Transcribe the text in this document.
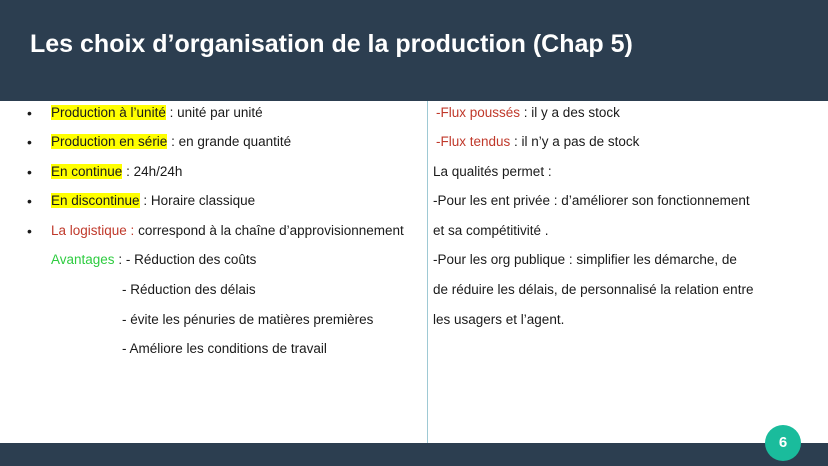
Les choix d’organisation de la production (Chap 5)
• Production à l’unité : unité par unité
• Production en série : en grande quantité
• En continue : 24h/24h
• En discontinue : Horaire classique
• La logistique : correspond à la chaîne d’approvisionnement
Avantages : - Réduction des coûts
- Réduction des délais
- évite les pénuries de matières premières
- Améliore les conditions de travail
-Flux poussés : il y a des stock
-Flux tendus : il n’y a pas de stock
La qualités permet :
-Pour les ent privée : d’améliorer son fonctionnement
et sa compétitivité .
-Pour les org publique : simplifier les démarche, de
de réduire les délais, de personnalisé la relation entre
les usagers et l’agent.
6
